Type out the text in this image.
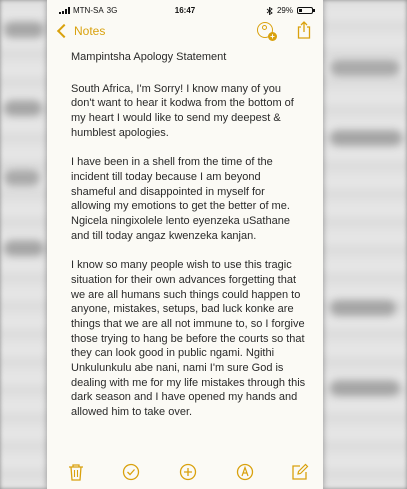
MTN-SA 3G	16:47	29%
Notes	+
Mampintsha Apology Statement

South Africa, I'm Sorry! I know many of you don't want to hear it kodwa from the bottom of my heart I would like to send my deepest & humblest apologies.

I have been in a shell from the time of the incident till today because I am beyond shameful and disappointed in myself for allowing my emotions to get the better of me. Ngicela ningixolele lento eyenzeka uSathane and till today angaz kwenzeka kanjan.

I know so many people wish to use this tragic situation for their own advances forgetting that we are all humans such things could happen to anyone, mistakes, setups, bad luck konke are things that we are all not immune to, so I forgive those trying to hang be before the courts so that they can look good in public ngami. Ngithi Unkulunkulu abe nani, nami I'm sure God is dealing with me for my life mistakes through this dark season and I have opened my hands and allowed him to take over.
